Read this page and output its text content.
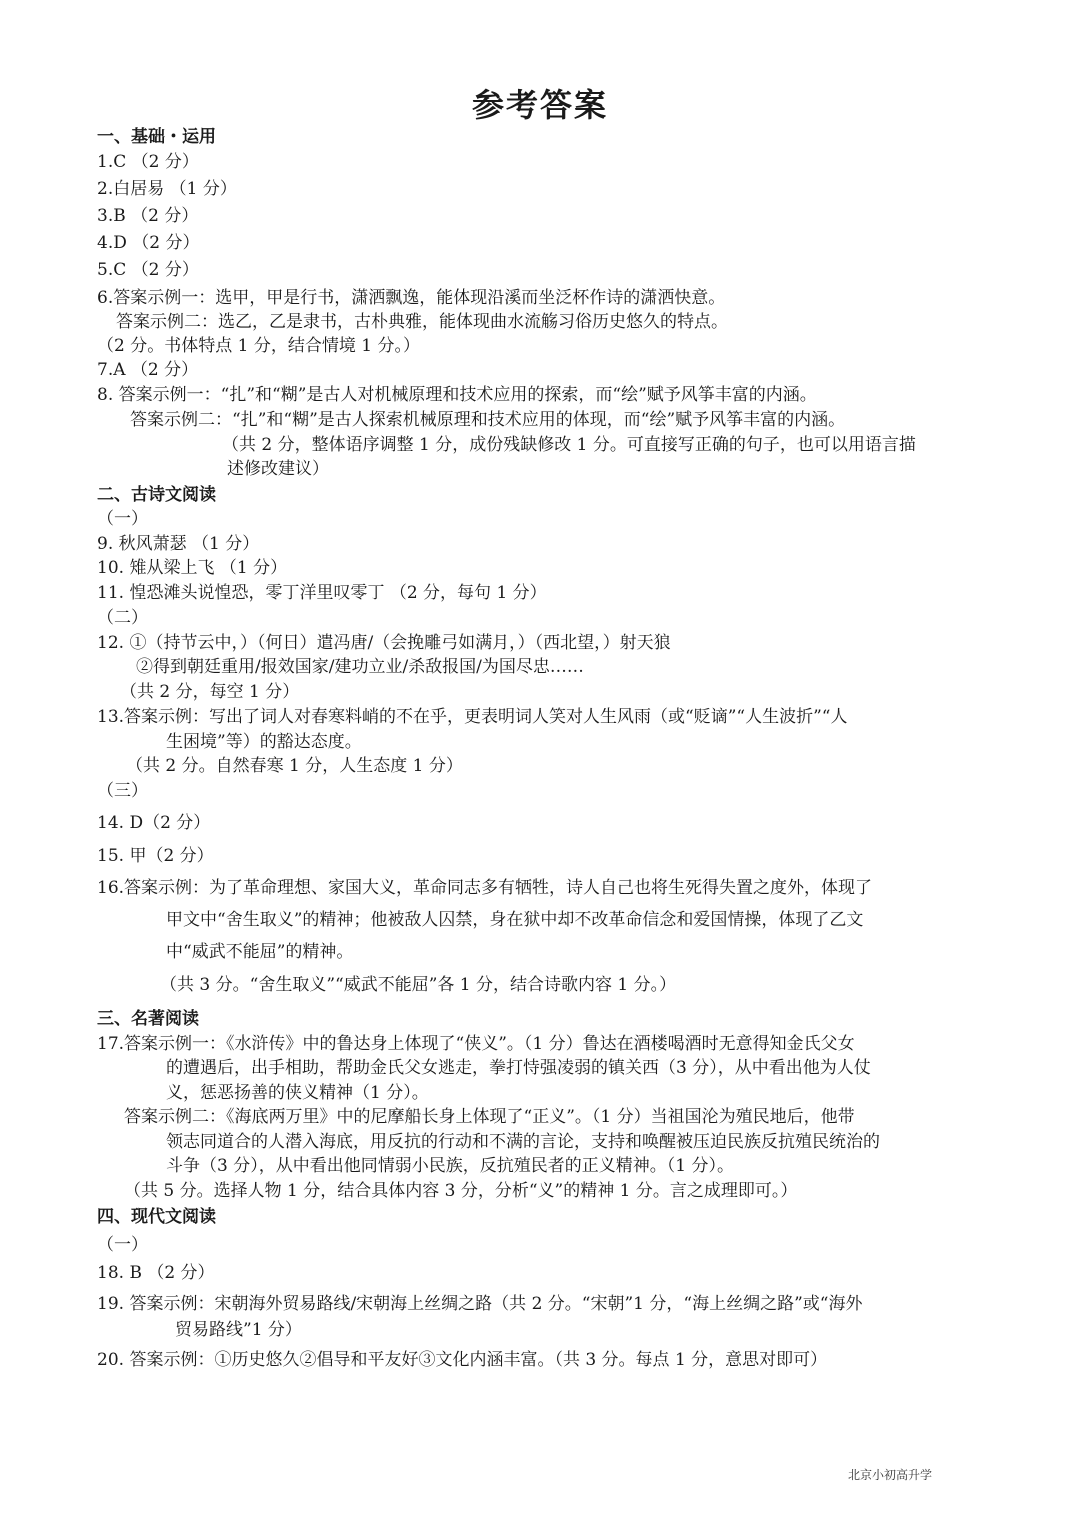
参考答案
一、基础・运用
1.C （2 分）
2.白居易 （1 分）
3.B （2 分）
4.D （2 分）
5.C （2 分）
6.答案示例一：选甲，甲是行书，潇洒飘逸，能体现沿溪而坐泛杯作诗的潇洒快意。
答案示例二：选乙，乙是隶书，古朴典雅，能体现曲水流觞习俗历史悠久的特点。
（2 分。书体特点 1 分，结合情境 1 分。）
7.A （2 分）
8. 答案示例一：“扎”和“糊”是古人对机械原理和技术应用的探索，而“绘”赋予风筝丰富的内涵。
答案示例二：“扎”和“糊”是古人探索机械原理和技术应用的体现，而“绘”赋予风筝丰富的内涵。
（共 2 分，整体语序调整 1 分，成份残缺修改 1 分。可直接写正确的句子，也可以用语言描
述修改建议）
二、古诗文阅读
（一）
9. 秋风萧瑟 （1 分）
10. 雉从梁上飞 （1 分）
11. 惶恐滩头说惶恐，零丁洋里叹零丁 （2 分，每句 1 分）
（二）
12. ①（持节云中，）（何日）遣冯唐/（会挽雕弓如满月，）（西北望，）射天狼
②得到朝廷重用/报效国家/建功立业/杀敌报国/为国尽忠……
（共 2 分，每空 1 分）
13.答案示例：写出了词人对春寒料峭的不在乎，更表明词人笑对人生风雨（或“贬谪”“人生波折”“人
生困境”等）的豁达态度。
（共 2 分。自然春寒 1 分，人生态度 1 分）
（三）
14. D（2 分）
15. 甲（2 分）
16.答案示例：为了革命理想、家国大义，革命同志多有牺牲，诗人自己也将生死得失置之度外，体现了
甲文中“舍生取义”的精神；他被敌人囚禁，身在狱中却不改革命信念和爱国情操，体现了乙文
中“威武不能屈”的精神。
（共 3 分。“舍生取义”“威武不能屈”各 1 分，结合诗歌内容 1 分。）
三、名著阅读
17.答案示例一：《水浒传》中的鲁达身上体现了“侠义”。（1 分）鲁达在酒楼喝酒时无意得知金氏父女
的遭遇后，出手相助，帮助金氏父女逃走，拳打恃强凌弱的镇关西（3 分），从中看出他为人仗
义，惩恶扬善的侠义精神（1 分）。
答案示例二：《海底两万里》中的尼摩船长身上体现了“正义”。（1 分）当祖国沦为殖民地后，他带
领志同道合的人潜入海底，用反抗的行动和不满的言论，支持和唤醒被压迫民族反抗殖民统治的
斗争（3 分），从中看出他同情弱小民族，反抗殖民者的正义精神。（1 分）。
（共 5 分。选择人物 1 分，结合具体内容 3 分，分析“义”的精神 1 分。言之成理即可。）
四、现代文阅读
（一）
18. B （2 分）
19. 答案示例：宋朝海外贸易路线/宋朝海上丝绸之路（共 2 分。“宋朝”1 分，“海上丝绸之路”或“海外
贸易路线”1 分）
20. 答案示例：①历史悠久②倡导和平友好③文化内涵丰富。（共 3 分。每点 1 分，意思对即可）
北京小初高升学
